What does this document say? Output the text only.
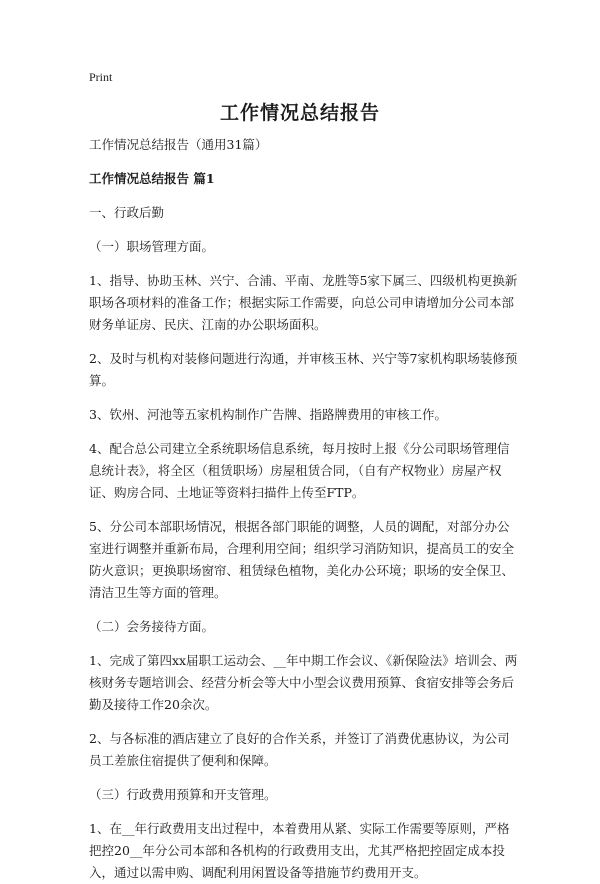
Print
工作情况总结报告

工作情况总结报告（通用31篇）

工作情况总结报告 篇1

一、行政后勤

（一）职场管理方面。

1、指导、协助玉林、兴宁、合浦、平南、龙胜等5家下属三、四级机构更换新职场各项材料的准备工作；根据实际工作需要，向总公司申请增加分公司本部财务单证房、民庆、江南的办公职场面积。

2、及时与机构对装修问题进行沟通，并审核玉林、兴宁等7家机构职场装修预算。

3、钦州、河池等五家机构制作广告牌、指路牌费用的审核工作。

4、配合总公司建立全系统职场信息系统，每月按时上报《分公司职场管理信息统计表》，将全区（租赁职场）房屋租赁合同，（自有产权物业）房屋产权证、购房合同、土地证等资料扫描件上传至FTP。

5、分公司本部职场情况，根据各部门职能的调整，人员的调配，对部分办公室进行调整并重新布局，合理利用空间；组织学习消防知识，提高员工的安全防火意识；更换职场窗帘、租赁绿色植物，美化办公环境；职场的安全保卫、清洁卫生等方面的管理。

（二）会务接待方面。

1、完成了第四xx届职工运动会、__年中期工作会议、《新保险法》培训会、两核财务专题培训会、经营分析会等大中小型会议费用预算、食宿安排等会务后勤及接待工作20余次。

2、与各标准的酒店建立了良好的合作关系，并签订了消费优惠协议，为公司员工差旅住宿提供了便利和保障。

（三）行政费用预算和开支管理。

1、在__年行政费用支出过程中，本着费用从紧、实际工作需要等原则，严格把控20__年分公司本部和各机构的行政费用支出，尤其严格把控固定成本投入，通过以需申购、调配利用闲置设备等措施节约费用开支。
